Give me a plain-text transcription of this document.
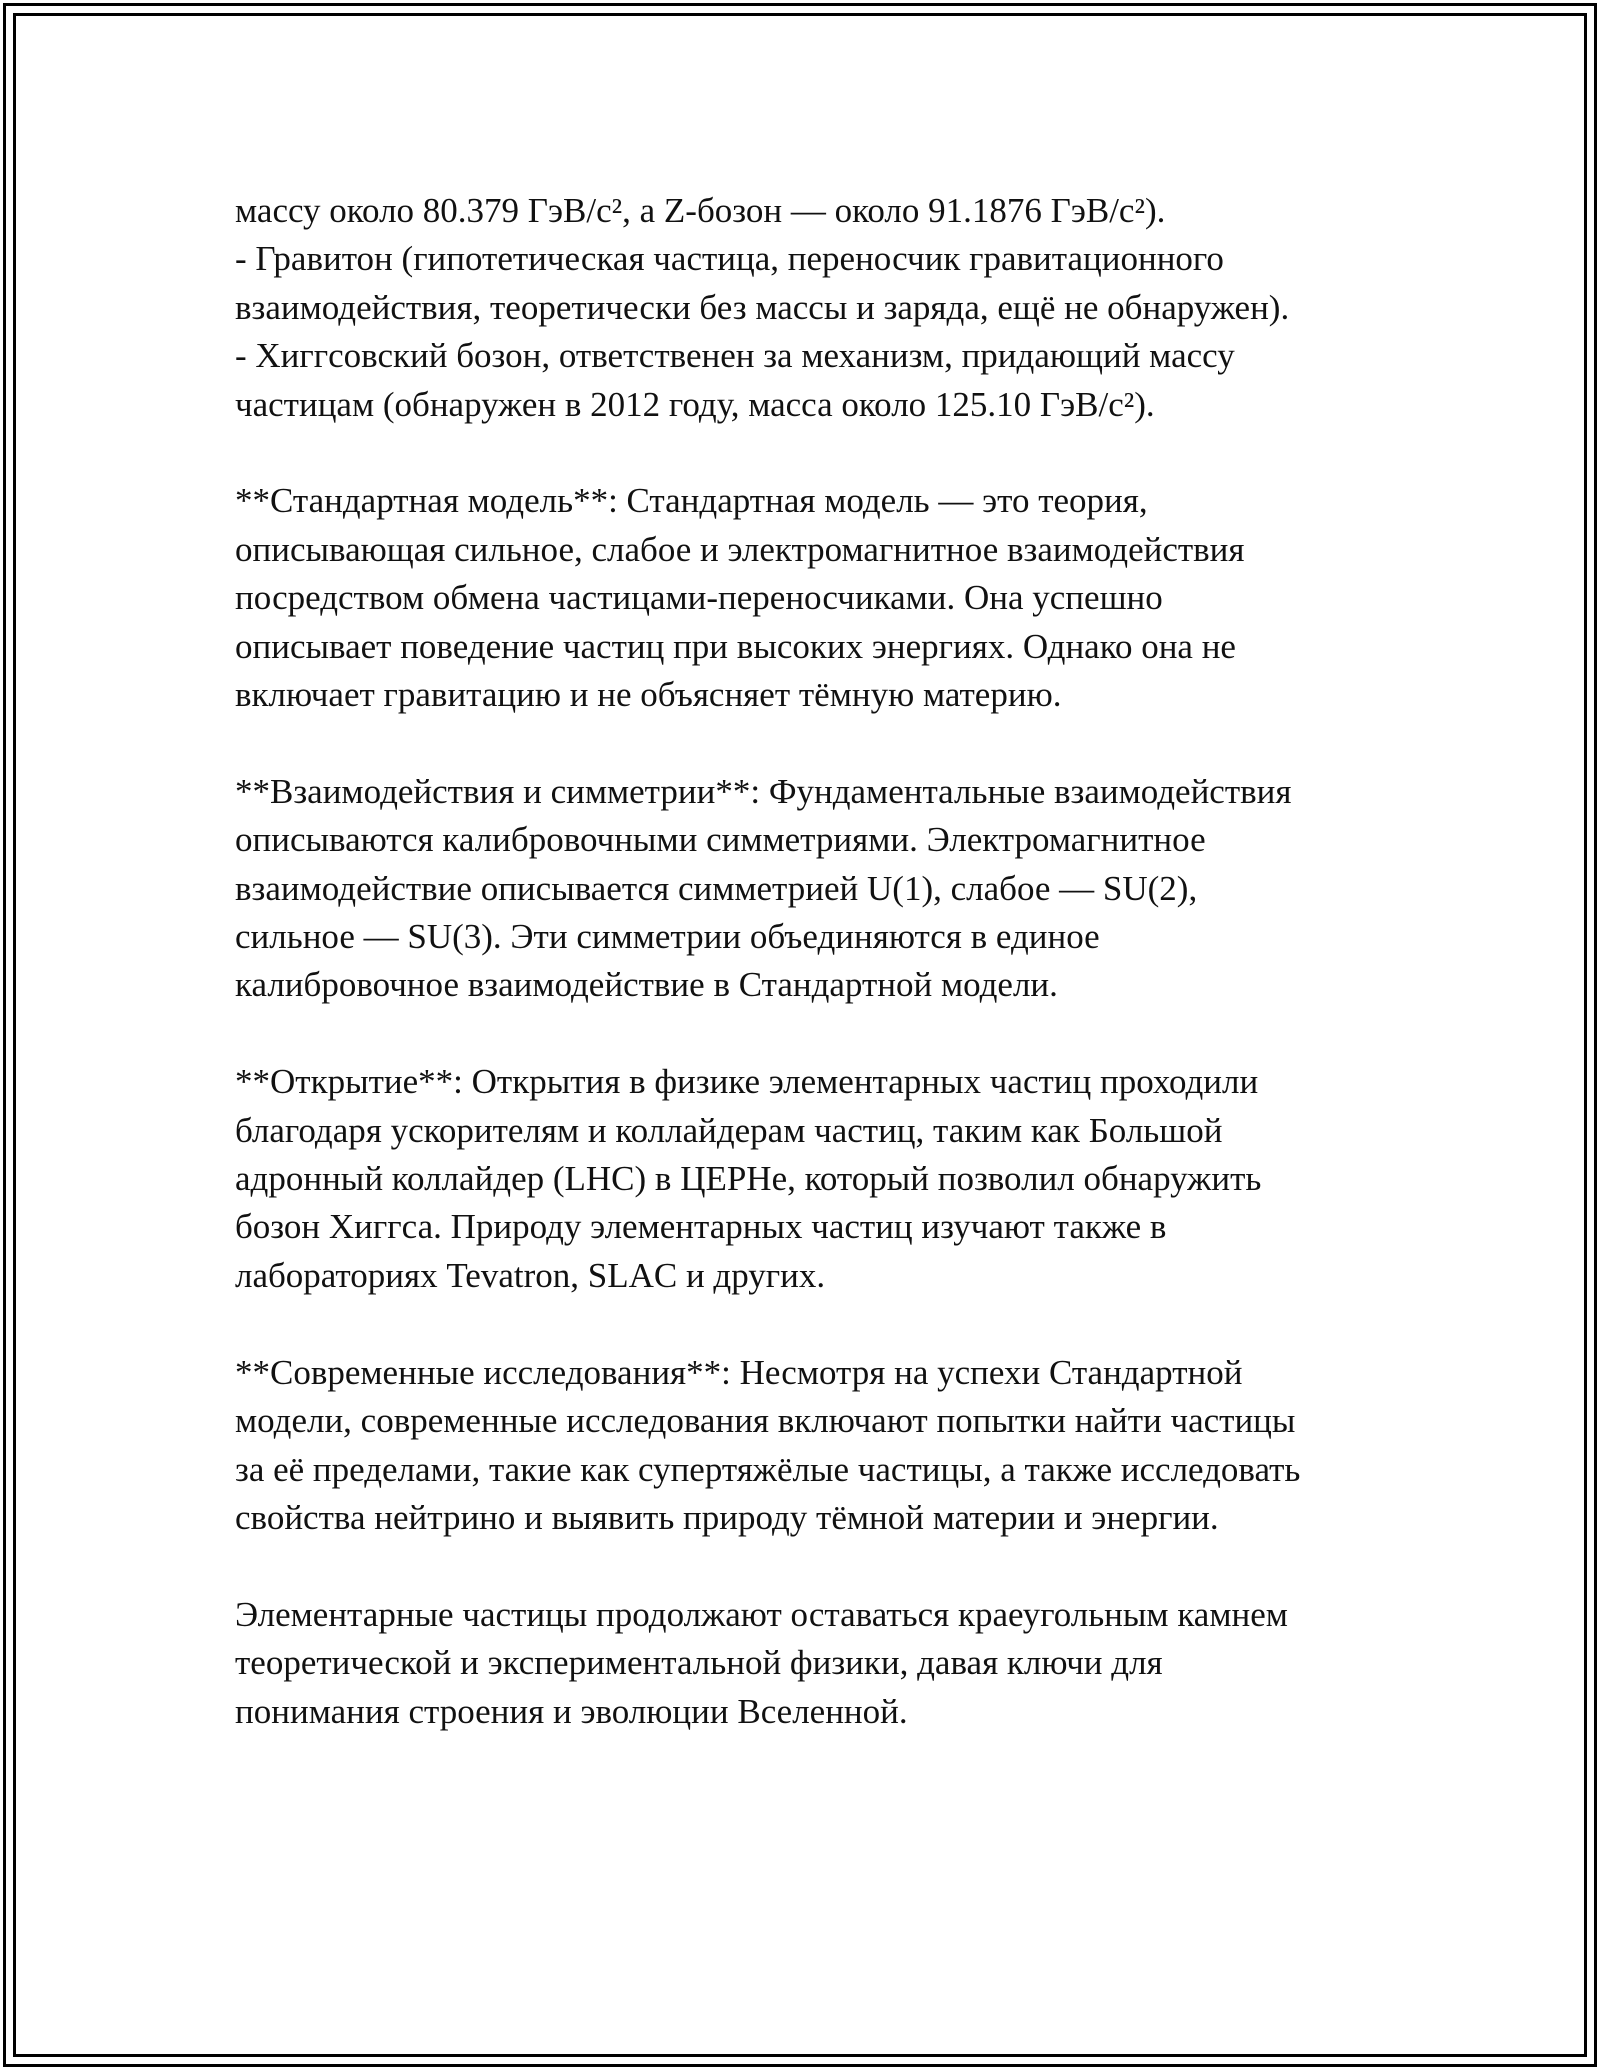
массу около 80.379 ГэВ/c², а Z-бозон — около 91.1876 ГэВ/c²).
- Гравитон (гипотетическая частица, переносчик гравитационного
взаимодействия, теоретически без массы и заряда, ещё не обнаружен).
- Хиггсовский бозон, ответственен за механизм, придающий массу
частицам (обнаружен в 2012 году, масса около 125.10 ГэВ/c²).

**Стандартная модель**: Стандартная модель — это теория,
описывающая сильное, слабое и электромагнитное взаимодействия
посредством обмена частицами-переносчиками. Она успешно
описывает поведение частиц при высоких энергиях. Однако она не
включает гравитацию и не объясняет тёмную материю.

**Взаимодействия и симметрии**: Фундаментальные взаимодействия
описываются калибровочными симметриями. Электромагнитное
взаимодействие описывается симметрией U(1), слабое — SU(2),
сильное — SU(3). Эти симметрии объединяются в единое
калибровочное взаимодействие в Стандартной модели.

**Открытие**: Открытия в физике элементарных частиц проходили
благодаря ускорителям и коллайдерам частиц, таким как Большой
адронный коллайдер (LHC) в ЦЕРНе, который позволил обнаружить
бозон Хиггса. Природу элементарных частиц изучают также в
лабораториях Tevatron, SLAC и других.

**Современные исследования**: Несмотря на успехи Стандартной
модели, современные исследования включают попытки найти частицы
за её пределами, такие как супертяжёлые частицы, а также исследовать
свойства нейтрино и выявить природу тёмной материи и энергии.

Элементарные частицы продолжают оставаться краеугольным камнем
теоретической и экспериментальной физики, давая ключи для
понимания строения и эволюции Вселенной.
